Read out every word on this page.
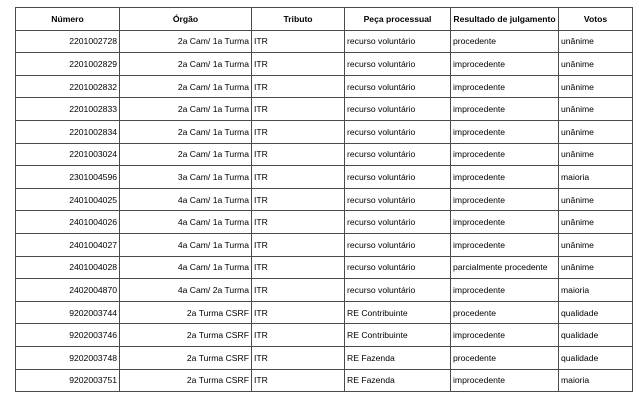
Número	Órgão	Tributo	Peça processual	Resultado de julgamento	Votos
2201002728	2a Cam/ 1a Turma	ITR	recurso voluntário	procedente	unânime
2201002829	2a Cam/ 1a Turma	ITR	recurso voluntário	improcedente	unânime
2201002832	2a Cam/ 1a Turma	ITR	recurso voluntário	improcedente	unânime
2201002833	2a Cam/ 1a Turma	ITR	recurso voluntário	improcedente	unânime
2201002834	2a Cam/ 1a Turma	ITR	recurso voluntário	improcedente	unânime
2201003024	2a Cam/ 1a Turma	ITR	recurso voluntário	improcedente	unânime
2301004596	3a Cam/ 1a Turma	ITR	recurso voluntário	improcedente	maioria
2401004025	4a Cam/ 1a Turma	ITR	recurso voluntário	improcedente	unânime
2401004026	4a Cam/ 1a Turma	ITR	recurso voluntário	improcedente	unânime
2401004027	4a Cam/ 1a Turma	ITR	recurso voluntário	improcedente	unânime
2401004028	4a Cam/ 1a Turma	ITR	recurso voluntário	parcialmente procedente	unânime
2402004870	4a Cam/ 2a Turma	ITR	recurso voluntário	improcedente	maioria
9202003744	2a Turma CSRF	ITR	RE Contribuinte	procedente	qualidade
9202003746	2a Turma CSRF	ITR	RE Contribuinte	improcedente	qualidade
9202003748	2a Turma CSRF	ITR	RE Fazenda	procedente	qualidade
9202003751	2a Turma CSRF	ITR	RE Fazenda	improcedente	maioria
